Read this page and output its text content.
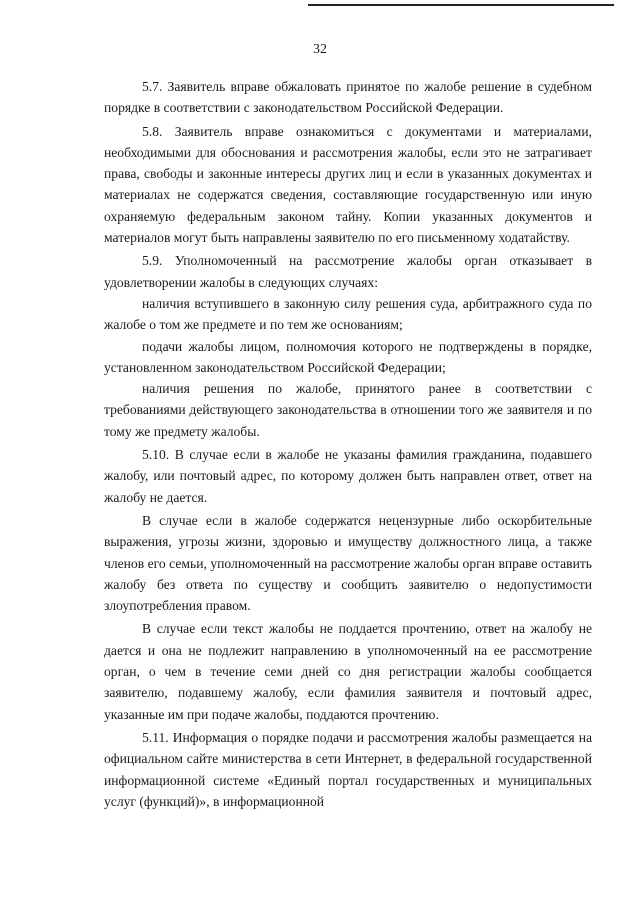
32

5.7. Заявитель вправе обжаловать принятое по жалобе решение в судебном порядке в соответствии с законодательством Российской Федерации.

5.8. Заявитель вправе ознакомиться с документами и материалами, необходимыми для обоснования и рассмотрения жалобы, если это не затрагивает права, свободы и законные интересы других лиц и если в указанных документах и материалах не содержатся сведения, составляющие государственную или иную охраняемую федеральным законом тайну. Копии указанных документов и материалов могут быть направлены заявителю по его письменному ходатайству.

5.9. Уполномоченный на рассмотрение жалобы орган отказывает в удовлетворении жалобы в следующих случаях:

наличия вступившего в законную силу решения суда, арбитражного суда по жалобе о том же предмете и по тем же основаниям;

подачи жалобы лицом, полномочия которого не подтверждены в порядке, установленном законодательством Российской Федерации;

наличия решения по жалобе, принятого ранее в соответствии с требованиями действующего законодательства в отношении того же заявителя и по тому же предмету жалобы.

5.10. В случае если в жалобе не указаны фамилия гражданина, подавшего жалобу, или почтовый адрес, по которому должен быть направлен ответ, ответ на жалобу не дается.

В случае если в жалобе содержатся нецензурные либо оскорбительные выражения, угрозы жизни, здоровью и имуществу должностного лица, а также членов его семьи, уполномоченный на рассмотрение жалобы орган вправе оставить жалобу без ответа по существу и сообщить заявителю о недопустимости злоупотребления правом.

В случае если текст жалобы не поддается прочтению, ответ на жалобу не дается и она не подлежит направлению в уполномоченный на ее рассмотрение орган, о чем в течение семи дней со дня регистрации жалобы сообщается заявителю, подавшему жалобу, если фамилия заявителя и почтовый адрес, указанные им при подаче жалобы, поддаются прочтению.

5.11. Информация о порядке подачи и рассмотрения жалобы размещается на официальном сайте министерства в сети Интернет, в федеральной государственной информационной системе «Единый портал государственных и муниципальных услуг (функций)», в информационной
